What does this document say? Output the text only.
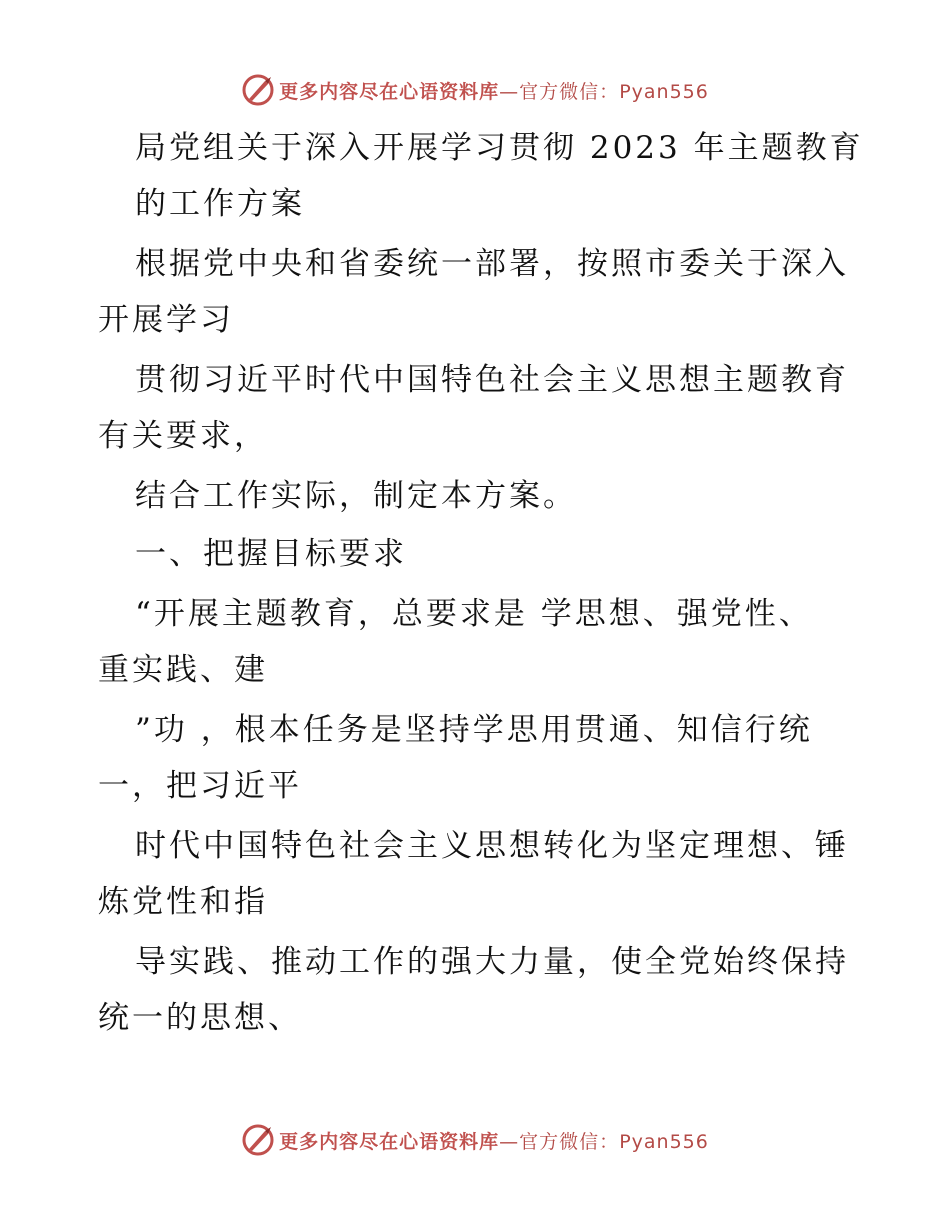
更多内容尽在心语资料库—官方微信：Pyan556
局党组关于深入开展学习贯彻 2023 年主题教育
的工作方案
根据党中央和省委统一部署，按照市委关于深入
开展学习
贯彻习近平时代中国特色社会主义思想主题教育
有关要求，
结合工作实际，制定本方案。
一、把握目标要求
“开展主题教育，总要求是 学思想、强党性、
重实践、建
”功 ，根本任务是坚持学思用贯通、知信行统
一，把习近平
时代中国特色社会主义思想转化为坚定理想、锤
炼党性和指
导实践、推动工作的强大力量，使全党始终保持
统一的思想、
更多内容尽在心语资料库—官方微信：Pyan556
